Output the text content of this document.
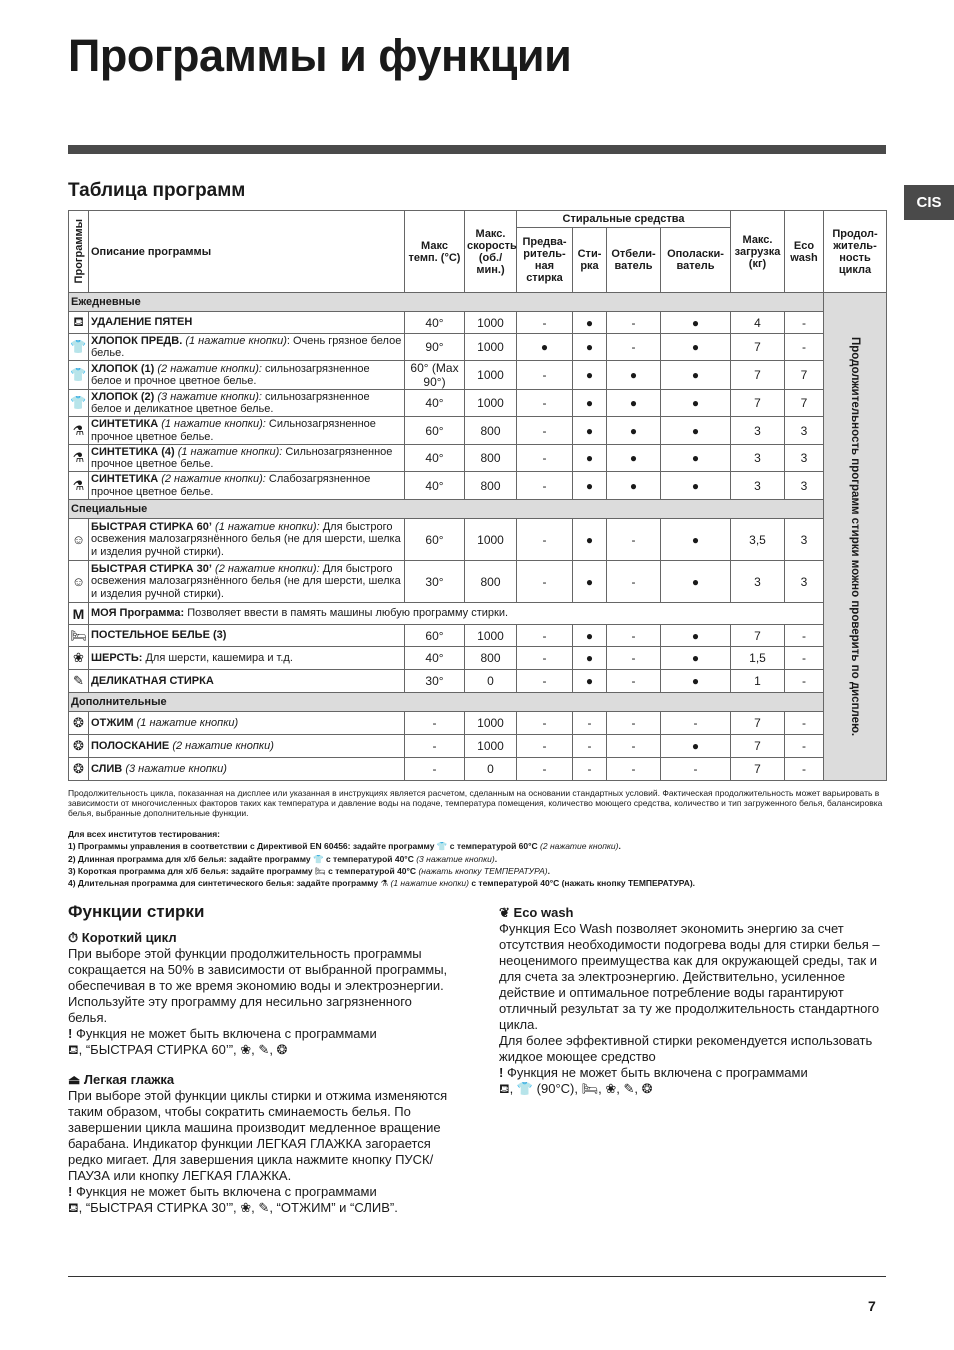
Программы и функции
CIS
Таблица программ
Программы	Описание программы	Макс темп. (°C)	Макс. скорость (об./ мин.)	Стиральные средства				Макс. загрузка (кг)	Eco wash	Продол- житель- ность цикла
				Предва- ритель- ная стирка	Сти- рка	Отбели- ватель	Ополаски- ватель			
Ежедневные										Продолжительность программ стирки можно проверить по дисплею.

⛾	УДАЛЕНИЕ ПЯТЕН	40°	1000	-	●	-	●	4	-	
👕	ХЛОПОК ПРЕДВ. (1 нажатие кнопки): Очень грязное белое белье.	90°	1000	●	●	-	●	7	-	
👕	ХЛОПОК (1) (2 нажатие кнопки): сильнозагрязненное белое и прочное цветное белье.	60° (Max 90°)	1000	-	●	●	●	7	7	
👕	ХЛОПОК (2) (3 нажатие кнопки): сильнозагрязненное белое и деликатное цветное белье.	40°	1000	-	●	●	●	7	7	
⚗	СИНТЕТИКА (1 нажатие кнопки): Сильнозагрязненное прочное цветное белье.	60°	800	-	●	●	●	3	3	
⚗	СИНТЕТИКА (4) (1 нажатие кнопки): Сильнозагрязненное прочное цветное белье.	40°	800	-	●	●	●	3	3	
⚗	СИНТЕТИКА (2 нажатие кнопки): Слабозагрязненное прочное цветное белье.	40°	800	-	●	●	●	3	3	
Специальные										
☺	БЫСТРАЯ СТИРКА 60’ (1 нажатие кнопки): Для быстрого освежения малозагрязнённого белья (не для шерсти, шелка и изделия ручной стирки).	60°	1000	-	●	-	●	3,5	3	
☺	БЫСТРАЯ СТИРКА 30’ (2 нажатие кнопки): Для быстрого освежения малозагрязнённого белья (не для шерсти, шелка и изделия ручной стирки).	30°	800	-	●	-	●	3	3	
M	МОЯ Программа: Позволяет ввести в память машины любую программу стирки.									
🛏	ПОСТЕЛЬНОЕ БЕЛЬЕ (3)	60°	1000	-	●	-	●	7	-	
❀	ШЕРСТЬ: Для шерсти, кашемира и т.д.	40°	800	-	●	-	●	1,5	-	
✎	ДЕЛИКАТНАЯ СТИРКА	30°	0	-	●	-	●	1	-	
Дополнительные										
❂	ОТЖИМ (1 нажатие кнопки)	-	1000	-	-	-	-	7	-	
❂	ПОЛОСКАНИЕ (2 нажатие кнопки)	-	1000	-	-	-	●	7	-	
❂	СЛИВ (3 нажатие кнопки)	-	0	-	-	-	-	7	-	
Продолжительность цикла, показанная на дисплее или указанная в инструкциях является расчетом, сделанным на основании стандартных условий. Фактическая продолжительность может варьировать в зависимости от многочисленных факторов таких как температура и давление воды на подаче, температура помещения, количество моющего средства, количество и тип загруженного белья, балансировка белья, выбранные дополнительные функции.
Для всех институтов тестирования:
1) Программы управления в соответствии с Директивой EN 60456: задайте программу 👕 с температурой 60°C (2 нажатие кнопки).
2) Длинная программа для х/б белья: задайте программу 👕 с температурой 40°C (3 нажатие кнопки).
3) Короткая программа для х/б белья: задайте программу 🛏 с температурой 40°C (нажать кнопку ТЕМПЕРАТУРА).
4) Длительная программа для синтетического белья: задайте программу ⚗ (1 нажатие кнопки) с температурой 40°C (нажать кнопку ТЕМПЕРАТУРА).
Функции стирки
⏱ Короткий цикл

При выборе этой функции продолжительность программы сокращается на 50% в зависимости от выбранной программы, обеспечивая в то же время экономию воды и электроэнергии. Используйте эту программу для несильно загрязненного белья.

! Функция не может быть включена с программами
⛾, “БЫСТРАЯ СТИРКА 60’”, ❀, ✎, ❂

⏏ Легкая глажка

При выборе этой функции циклы стирки и отжима изменяются таким образом, чтобы сократить сминаемость белья. По завершении цикла машина производит медленное вращение барабана. Индикатор функции ЛЕГКАЯ ГЛАЖКА загорается редко мигает. Для завершения цикла нажмите кнопку ПУСК/ПАУЗА или кнопку ЛЕГКАЯ ГЛАЖКА.

! Функция не может быть включена с программами
⛾, “БЫСТРАЯ СТИРКА 30’”, ❀, ✎, “ОТЖИМ” и “СЛИВ”.

❦ Eco wash

Функция Eco Wash позволяет экономить энергию за счет отсутствия необходимости подогрева воды для стирки белья – неоценимого преимущества как для окружающей среды, так и для счета за электроэнергию. Действительно, усиленное действие и оптимальное потребление воды гарантируют отличный результат за ту же продолжительность стандартного цикла.

Для более эффективной стирки рекомендуется использовать жидкое моющее средство

! Функция не может быть включена с программами
⛾, 👕 (90°C), 🛏, ❀, ✎, ❂

7
